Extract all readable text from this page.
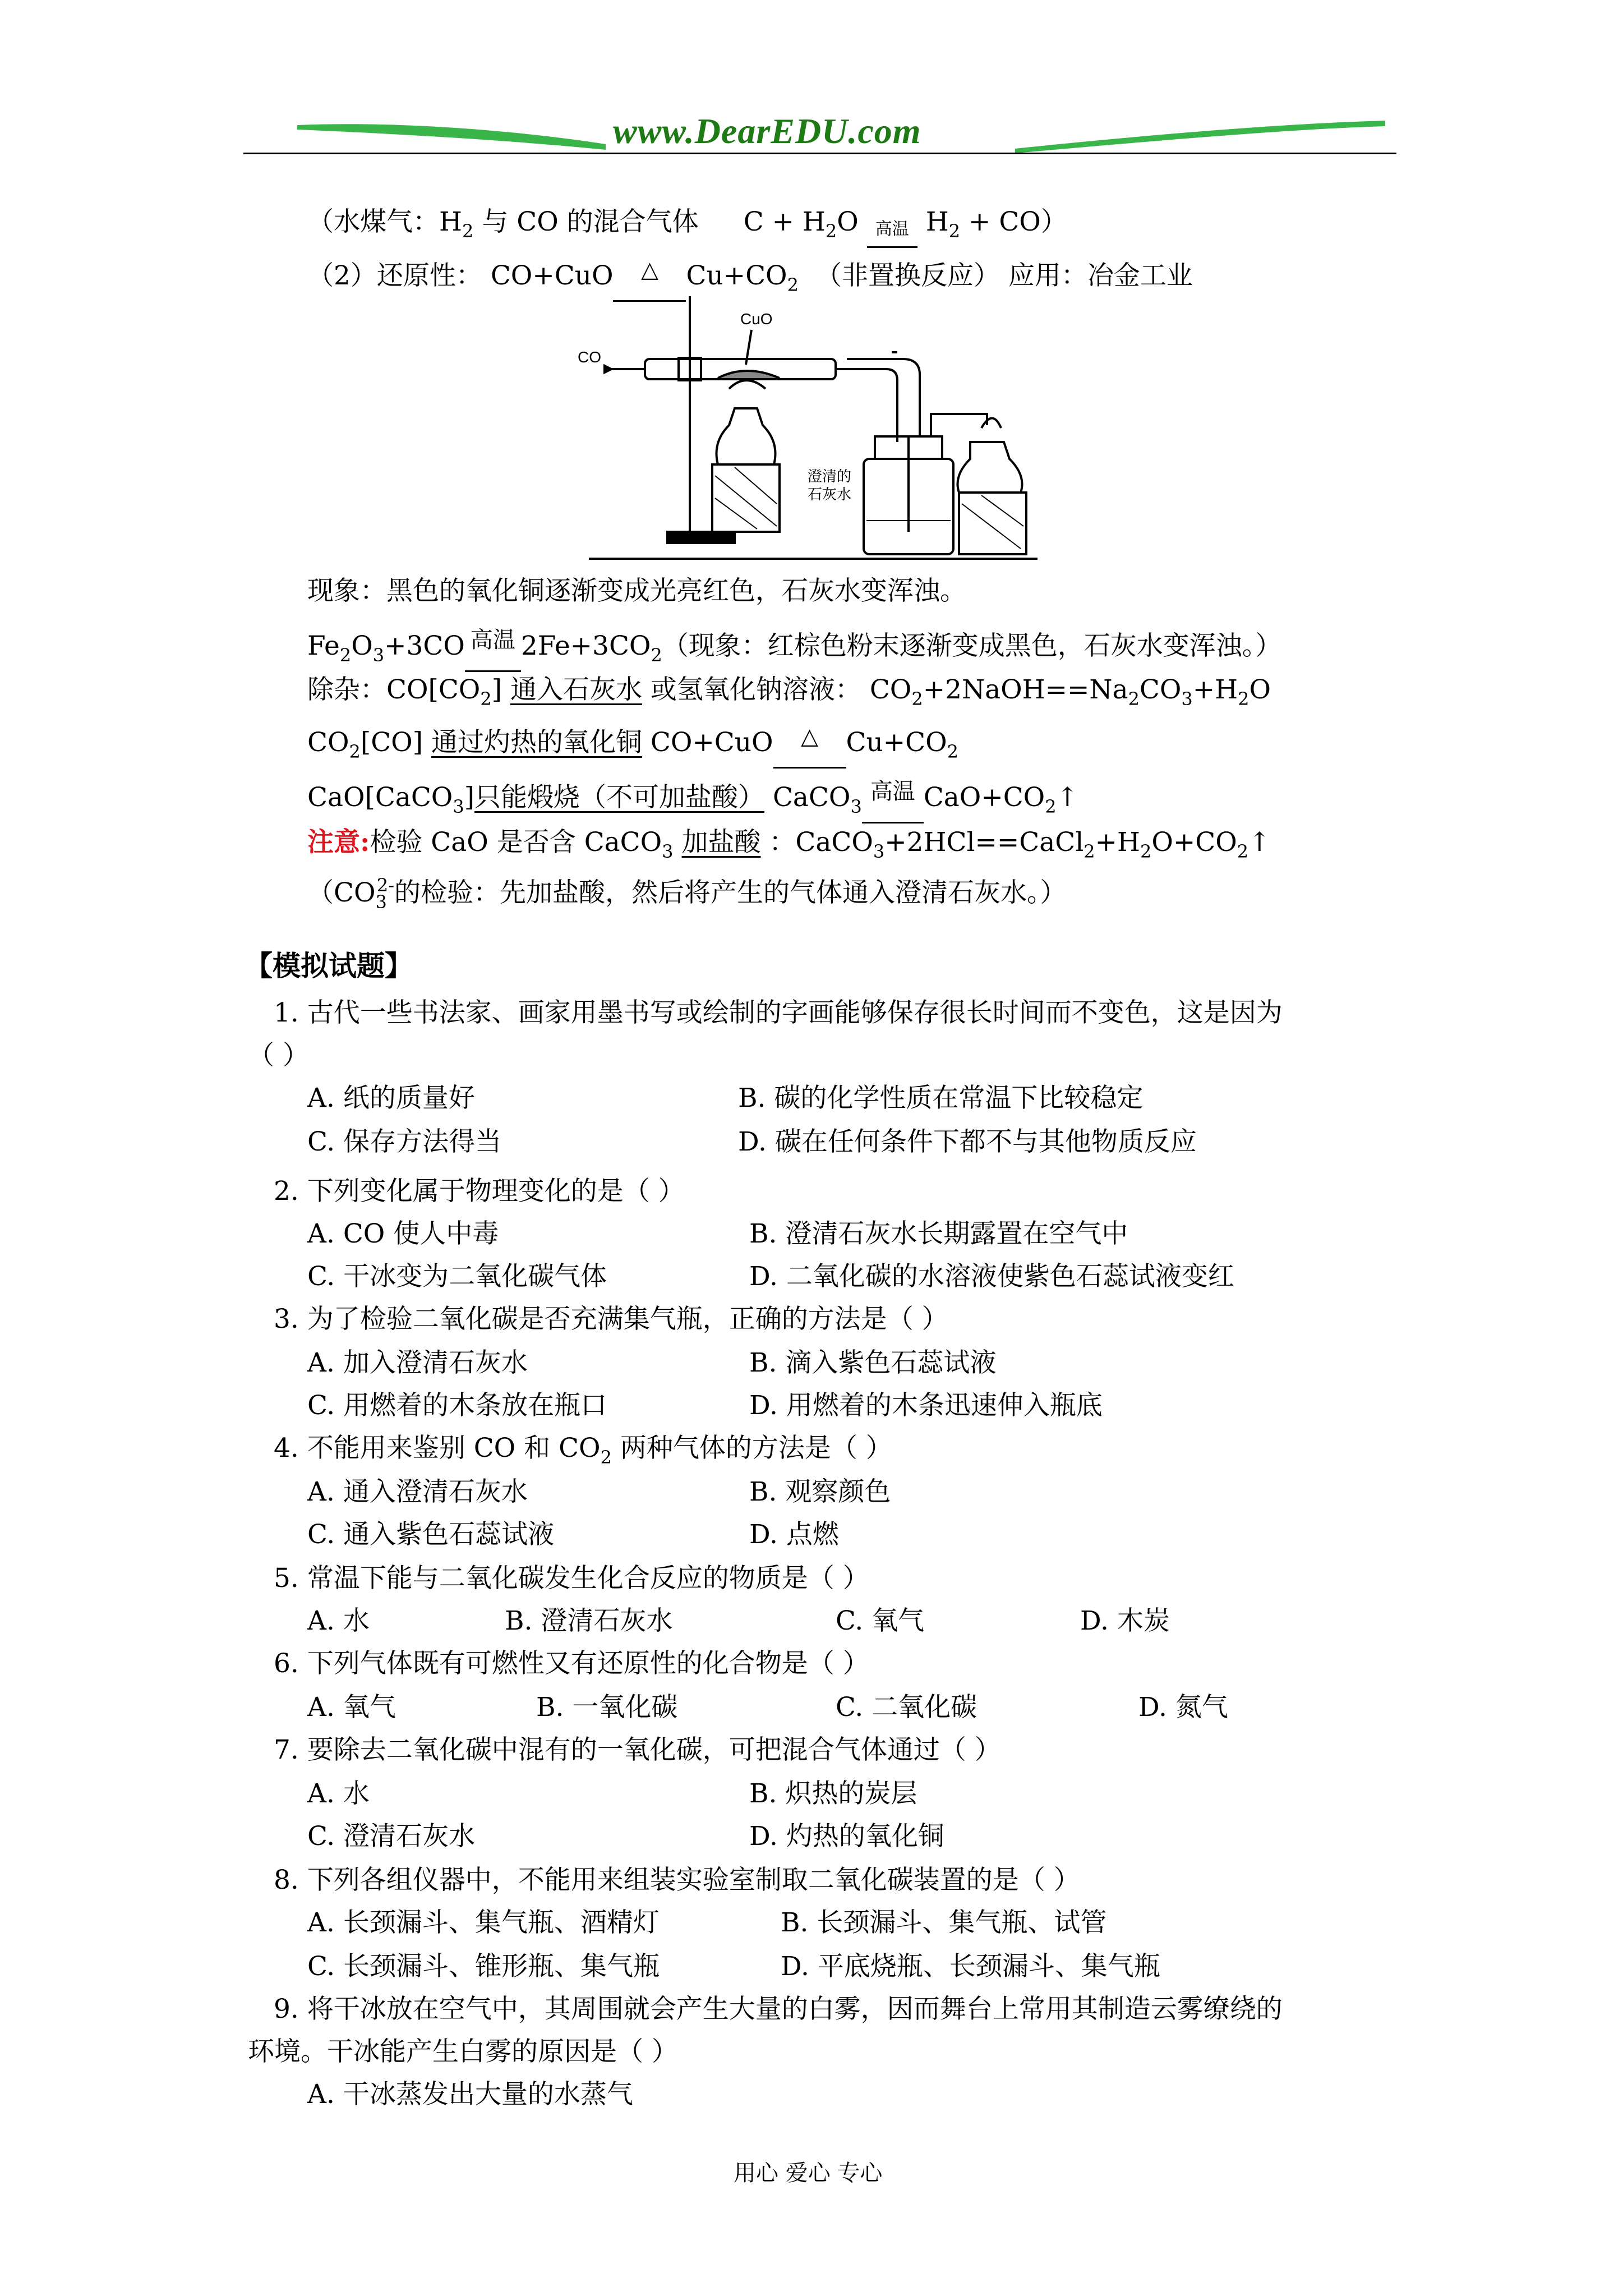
www.DearEDU.com
（水煤气：$H_2$ 与 CO 的混合气体 $C + H_2O$ 高温 $H_2 + CO$）
（2）还原性： CO+CuO	△	$Cu+CO_2$ （非置换反应） 应用：冶金工业
CO
CuO
澄清的
石灰水
现象：黑色的氧化铜逐渐变成光亮红色，石灰水变浑浊。
$Fe_2O_3+3CO$ 高温 $2Fe+3CO_2$（现象：红棕色粉末逐渐变成黑色，石灰水变浑浊。）
除杂：$CO[CO_2]$ 通入石灰水 或氢氧化钠溶液： $CO_2+2NaOH==Na_2CO_3+H_2O$
$CO_2[CO]$ 通过灼热的氧化铜 CO+CuO	△	$Cu+CO_2$
CaO[CaCO$_3$]只能煅烧（不可加盐酸） CaCO$_3$
高温 $CaO+CO_2↑$
注意:检验 CaO 是否含 CaCO$_3$ 加盐酸 ：$CaCO_3+2HCl==CaCl_2+H_2O+CO_2↑$
（$CO_3^{2-}$的检验：先加盐酸，然后将产生的气体通入澄清石灰水。）
【模拟试题】
1. 古代一些书法家、画家用墨书写或绘制的字画能够保存很长时间而不变色，这是因为
（ ）
A. 纸的质量好	B. 碳的化学性质在常温下比较稳定
C. 保存方法得当	D. 碳在任何条件下都不与其他物质反应
2. 下列变化属于物理变化的是（ ）
A. CO 使人中毒	B. 澄清石灰水长期露置在空气中
C. 干冰变为二氧化碳气体	D. 二氧化碳的水溶液使紫色石蕊试液变红
3. 为了检验二氧化碳是否充满集气瓶，正确的方法是（ ）
A. 加入澄清石灰水	B. 滴入紫色石蕊试液
C. 用燃着的木条放在瓶口	D. 用燃着的木条迅速伸入瓶底
4. 不能用来鉴别 CO 和 $CO_2$ 两种气体的方法是（ ）
A. 通入澄清石灰水	B. 观察颜色
C. 通入紫色石蕊试液	D. 点燃
5. 常温下能与二氧化碳发生化合反应的物质是（ ）
A. 水	B. 澄清石灰水	C. 氧气	D. 木炭
6. 下列气体既有可燃性又有还原性的化合物是（ ）
A. 氧气	B. 一氧化碳	C. 二氧化碳	D. 氮气
7. 要除去二氧化碳中混有的一氧化碳，可把混合气体通过（ ）
A. 水	B. 炽热的炭层
C. 澄清石灰水	D. 灼热的氧化铜
8. 下列各组仪器中，不能用来组装实验室制取二氧化碳装置的是（ ）
A. 长颈漏斗、集气瓶、酒精灯	B. 长颈漏斗、集气瓶、试管
C. 长颈漏斗、锥形瓶、集气瓶	D. 平底烧瓶、长颈漏斗、集气瓶
9. 将干冰放在空气中，其周围就会产生大量的白雾，因而舞台上常用其制造云雾缭绕的
环境。干冰能产生白雾的原因是（ ）
A. 干冰蒸发出大量的水蒸气
用心 爱心 专心
